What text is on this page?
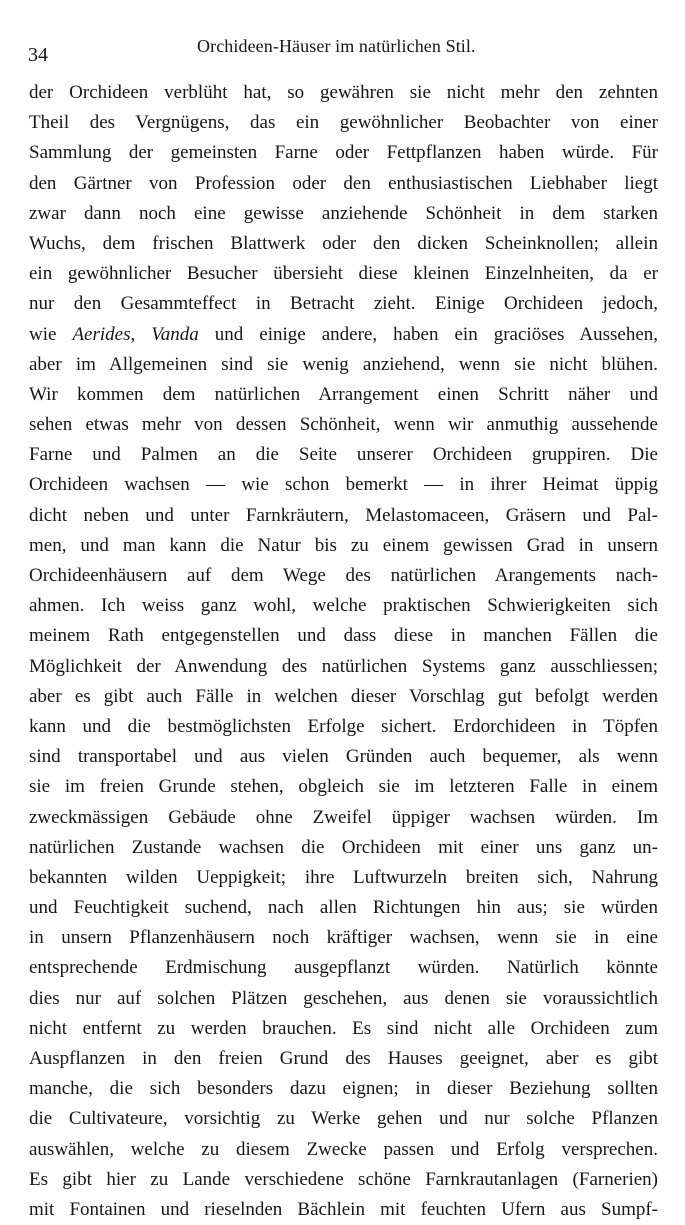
34	Orchideen-Häuser im natürlichen Stil.
der Orchideen verblüht hat, so gewähren sie nicht mehr den zehnten
Theil des Vergnügens, das ein gewöhnlicher Beobachter von einer
Sammlung der gemeinsten Farne oder Fettpflanzen haben würde. Für
den Gärtner von Profession oder den enthusiastischen Liebhaber liegt
zwar dann noch eine gewisse anziehende Schönheit in dem starken
Wuchs, dem frischen Blattwerk oder den dicken Scheinknollen; allein
ein gewöhnlicher Besucher übersieht diese kleinen Einzelnheiten, da er
nur den Gesammteffect in Betracht zieht. Einige Orchideen jedoch,
wie Aerides, Vanda und einige andere, haben ein graciöses Aussehen,
aber im Allgemeinen sind sie wenig anziehend, wenn sie nicht blühen.
Wir kommen dem natürlichen Arrangement einen Schritt näher und
sehen etwas mehr von dessen Schönheit, wenn wir anmuthig aussehende
Farne und Palmen an die Seite unserer Orchideen gruppiren. Die
Orchideen wachsen — wie schon bemerkt — in ihrer Heimat üppig
dicht neben und unter Farnkräutern, Melastomaceen, Gräsern und Pal-
men, und man kann die Natur bis zu einem gewissen Grad in unsern
Orchideenhäusern auf dem Wege des natürlichen Arangements nach-
ahmen. Ich weiss ganz wohl, welche praktischen Schwierigkeiten sich
meinem Rath entgegenstellen und dass diese in manchen Fällen die
Möglichkeit der Anwendung des natürlichen Systems ganz ausschliessen;
aber es gibt auch Fälle in welchen dieser Vorschlag gut befolgt werden
kann und die bestmöglichsten Erfolge sichert. Erdorchideen in Töpfen
sind transportabel und aus vielen Gründen auch bequemer, als wenn
sie im freien Grunde stehen, obgleich sie im letzteren Falle in einem
zweckmässigen Gebäude ohne Zweifel üppiger wachsen würden. Im
natürlichen Zustande wachsen die Orchideen mit einer uns ganz un-
bekannten wilden Ueppigkeit; ihre Luftwurzeln breiten sich, Nahrung
und Feuchtigkeit suchend, nach allen Richtungen hin aus; sie würden
in unsern Pflanzenhäusern noch kräftiger wachsen, wenn sie in eine
entsprechende Erdmischung ausgepflanzt würden. Natürlich könnte
dies nur auf solchen Plätzen geschehen, aus denen sie voraussichtlich
nicht entfernt zu werden brauchen. Es sind nicht alle Orchideen zum
Auspflanzen in den freien Grund des Hauses geeignet, aber es gibt
manche, die sich besonders dazu eignen; in dieser Beziehung sollten
die Cultivateure, vorsichtig zu Werke gehen und nur solche Pflanzen
auswählen, welche zu diesem Zwecke passen und Erfolg versprechen.
Es gibt hier zu Lande verschiedene schöne Farnkrautanlagen (Farnerien)
mit Fontainen und rieselnden Bächlein mit feuchten Ufern aus Sumpf-
